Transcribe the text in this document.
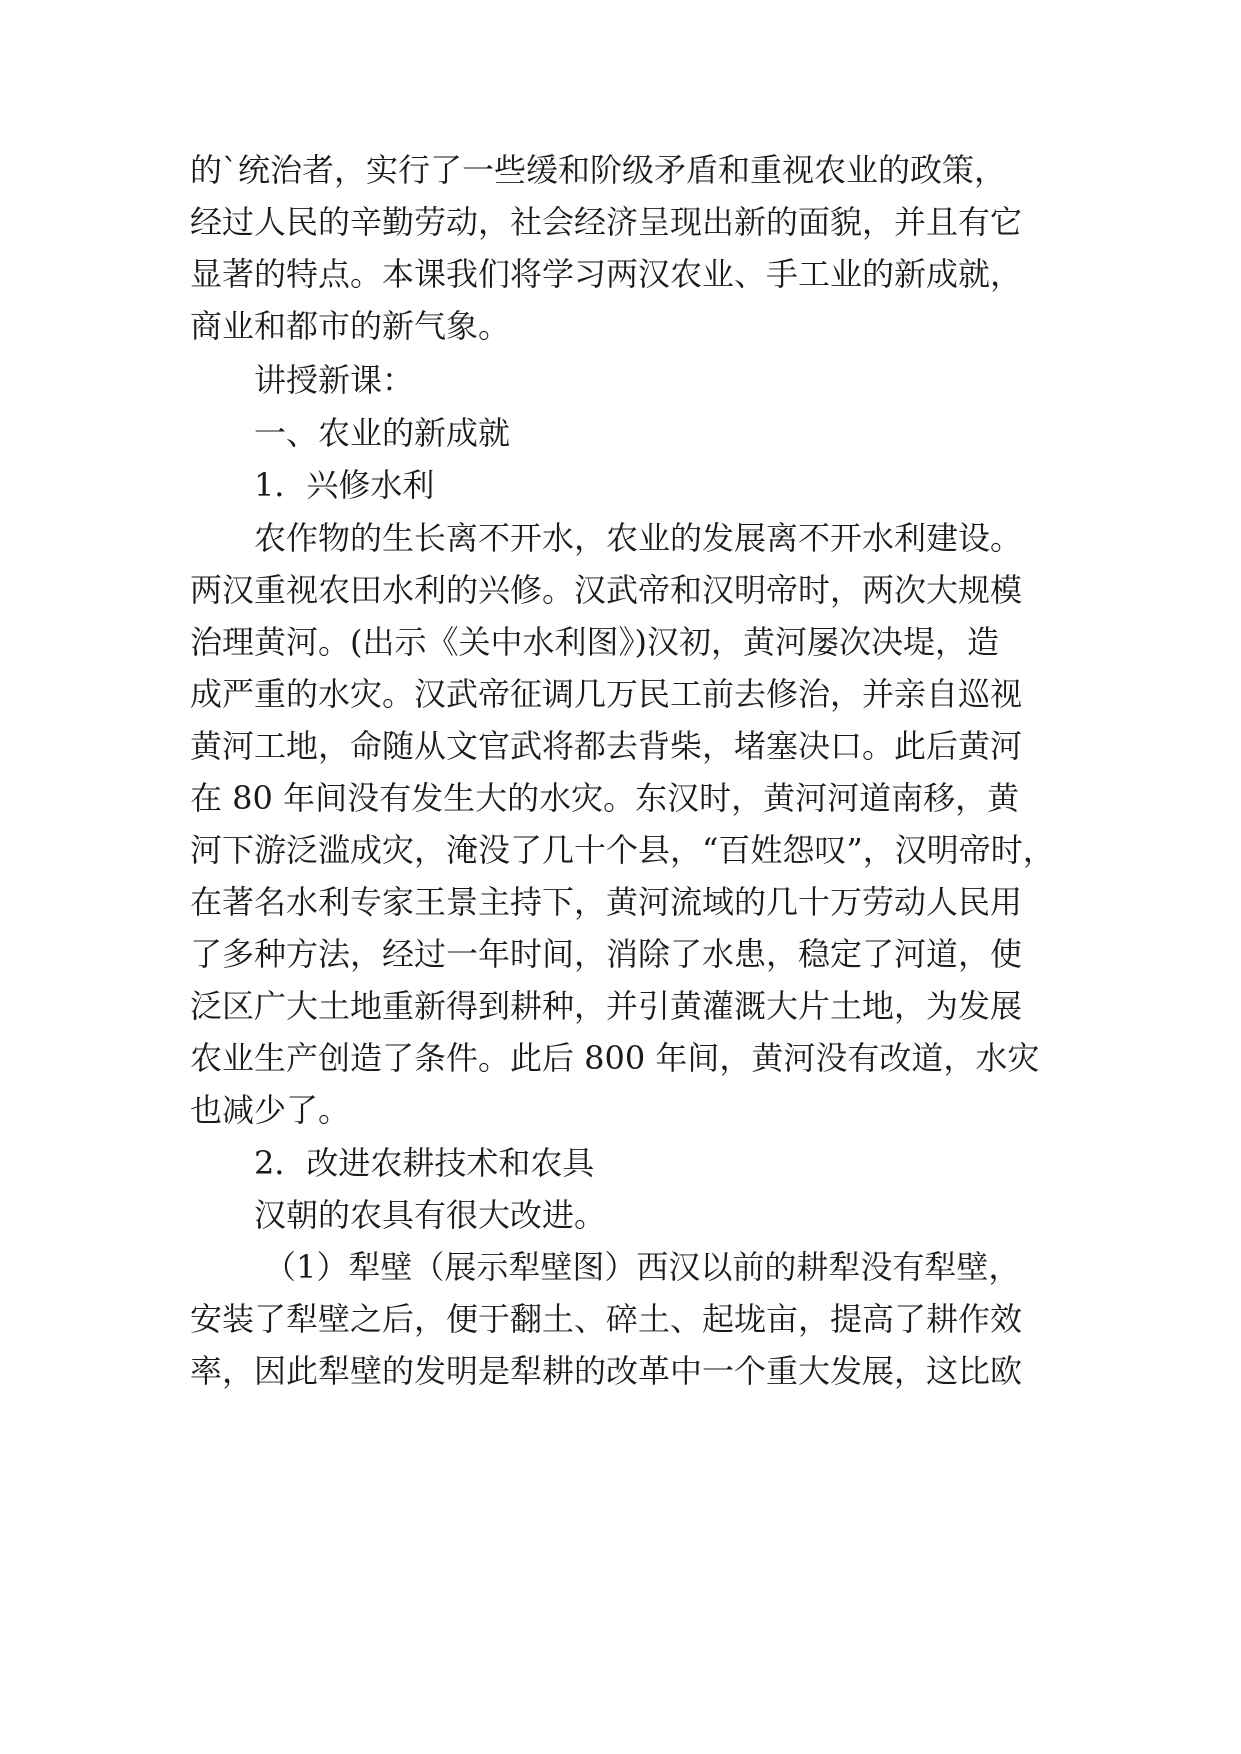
的`统治者，实行了一些缓和阶级矛盾和重视农业的政策，
经过人民的辛勤劳动，社会经济呈现出新的面貌，并且有它
显著的特点。本课我们将学习两汉农业、手工业的新成就，
商业和都市的新气象。
讲授新课：
一、农业的新成就
1．兴修水利
农作物的生长离不开水，农业的发展离不开水利建设。
两汉重视农田水利的兴修。汉武帝和汉明帝时，两次大规模
治理黄河。(出示《关中水利图》)汉初，黄河屡次决堤，造
成严重的水灾。汉武帝征调几万民工前去修治，并亲自巡视
黄河工地，命随从文官武将都去背柴，堵塞决口。此后黄河
在 80 年间没有发生大的水灾。东汉时，黄河河道南移，黄
河下游泛滥成灾，淹没了几十个县，“百姓怨叹”，汉明帝时，
在著名水利专家王景主持下，黄河流域的几十万劳动人民用
了多种方法，经过一年时间，消除了水患，稳定了河道，使
泛区广大土地重新得到耕种，并引黄灌溉大片土地，为发展
农业生产创造了条件。此后 800 年间，黄河没有改道，水灾
也减少了。
2．改进农耕技术和农具
汉朝的农具有很大改进。
（1）犁壁（展示犁壁图）西汉以前的耕犁没有犁壁，
安装了犁壁之后，便于翻土、碎土、起垅亩，提高了耕作效
率，因此犁壁的发明是犁耕的改革中一个重大发展，这比欧
